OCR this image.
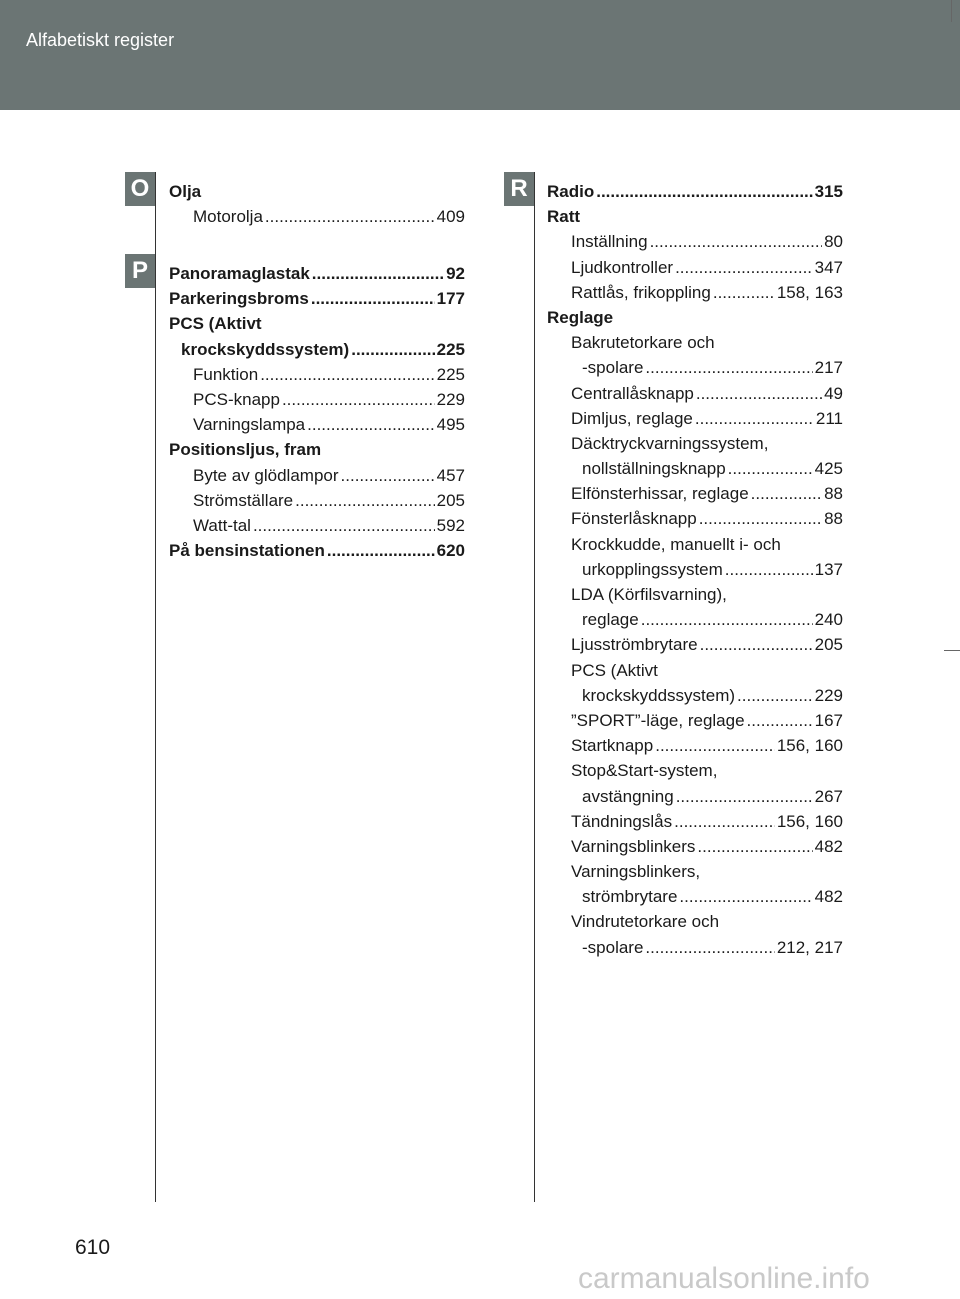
Alfabetiskt register
O
P
R
Olja
Motorolja .....	409
Panoramaglastak .....	92
Parkeringsbroms .....	177
PCS (Aktivt
krockskyddssystem) .....	225
Funktion .....	225
PCS-knapp .....	229
Varningslampa .....	495
Positionsljus, fram
Byte av glödlampor .....	457
Strömställare .....	205
Watt-tal .....	592
På bensinstationen .....	620
Radio .....	315
Ratt
Inställning .....	80
Ljudkontroller .....	347
Rattlås, frikoppling .....	158, 163
Reglage
Bakrutetorkare och
-spolare .....	217
Centrallåsknapp .....	49
Dimljus, reglage .....	211
Däcktryckvarningssystem,
nollställningsknapp .....	425
Elfönsterhissar, reglage .....	88
Fönsterlåsknapp .....	88
Krockkudde, manuellt i- och
urkopplingssystem .....	137
LDA (Körfilsvarning),
reglage .....	240
Ljusströmbrytare .....	205
PCS (Aktivt
krockskyddssystem) .....	229
”SPORT”-läge, reglage .....	167
Startknapp .....	156, 160
Stop&Start-system,
avstängning .....	267
Tändningslås .....	156, 160
Varningsblinkers .....	482
Varningsblinkers,
strömbrytare .....	482
Vindrutetorkare och
-spolare .....	212, 217
610
carmanualsonline.info
